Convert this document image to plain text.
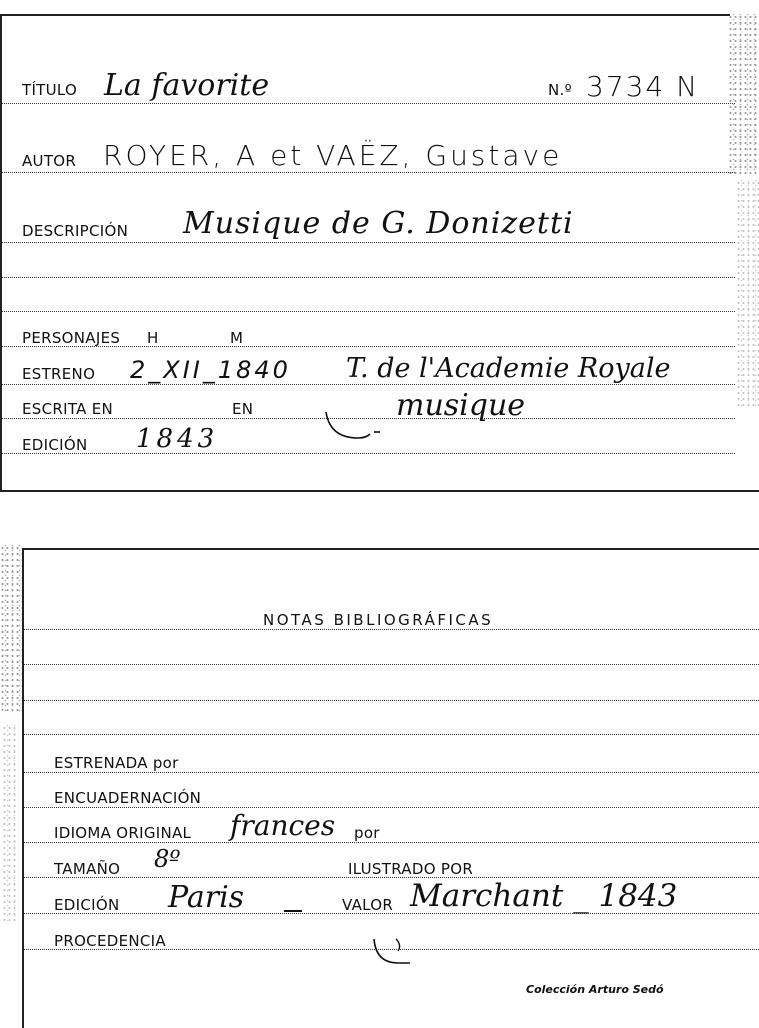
TÍTULO La favorite	N.º 3734 N
AUTOR ROYER, A et VAËZ, Gustave
DESCRIPCIÓN Musique de G. Donizetti
PERSONAJES H	M
ESTRENO 2_XII_1840 T. de l'Academie Royale
ESCRITA EN	EN	musique
EDICIÓN 1843
NOTAS BIBLIOGRÁFICAS
ESTRENADA por
ENCUADERNACIÓN
IDIOMA ORIGINAL frances por
TAMAÑO 8º	ILUSTRADO POR
EDICIÓN Paris	VALOR Marchant _ 1843
PROCEDENCIA
Colección Arturo Sedó
